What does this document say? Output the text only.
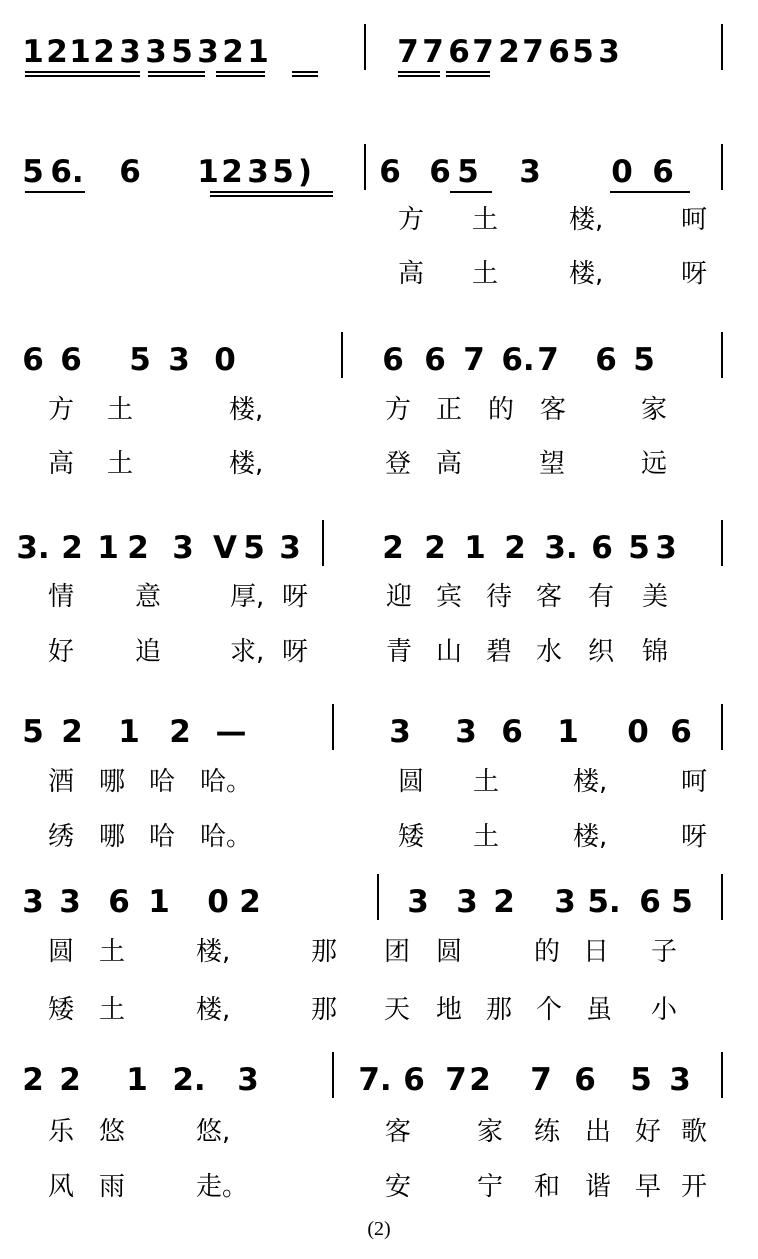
1 2 1 2 3 3 5 3 2 1	7 7 6 7 2 7 6 5 3
5 6. 6 1 2 3 5 ) 6 6 5 3 0 6
方 土	楼,	呵
高 土	楼,	呀
6 6 5 3 0	6 6 7 6. 7 6 5
方 土	楼,	方 正 的 客	家
高 土	楼,	登 高	望	远
3. 2 1 2 3 V 5 3	2 2 1 2 3. 6 5 3
情 意	厚, 呀	迎 宾 待 客 有 美
好 追	求, 呀	青 山 碧 水 织 锦
5 2 1 2 —	3 3 6 1 0 6
酒 哪 哈 哈。	圆 土	楼,	呵
绣 哪 哈 哈。	矮 土	楼,	呀
3 3 6 1 0 2	3 3 2 3 5. 6 5
圆 土	楼,	那 团 圆	的 日 子
矮 土	楼,	那 天 地 那 个 虽 小
2 2 1 2. 3	7. 6 7 2 7 6 5 3
乐 悠	悠,	客	家 练 出 好 歌
风 雨	走。	安	宁 和 谐 早 开
(2)
